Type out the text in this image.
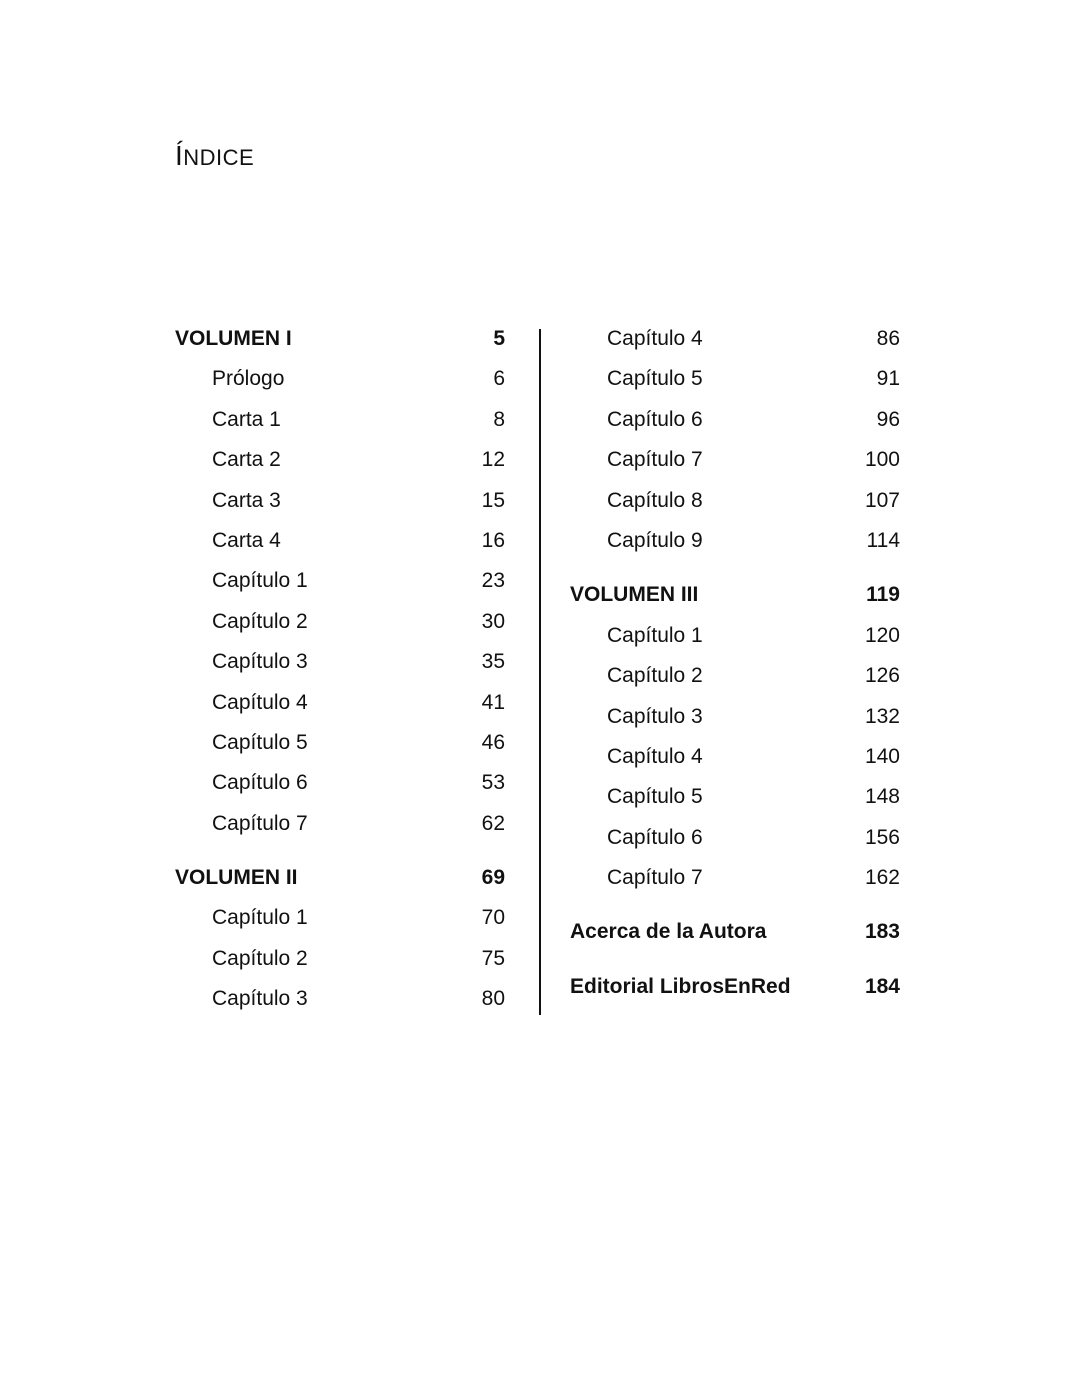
ÍNDICE
VOLUMEN I	5
Prólogo	6
Carta 1	8
Carta 2	12
Carta 3	15
Carta 4	16
Capítulo 1	23
Capítulo 2	30
Capítulo 3	35
Capítulo 4	41
Capítulo 5	46
Capítulo 6	53
Capítulo 7	62
VOLUMEN II	69
Capítulo 1	70
Capítulo 2	75
Capítulo 3	80
Capítulo 4	86
Capítulo 5	91
Capítulo 6	96
Capítulo 7	100
Capítulo 8	107
Capítulo 9	114
VOLUMEN III	119
Capítulo 1	120
Capítulo 2	126
Capítulo 3	132
Capítulo 4	140
Capítulo 5	148
Capítulo 6	156
Capítulo 7	162
Acerca de la Autora	183
Editorial LibrosEnRed	184
